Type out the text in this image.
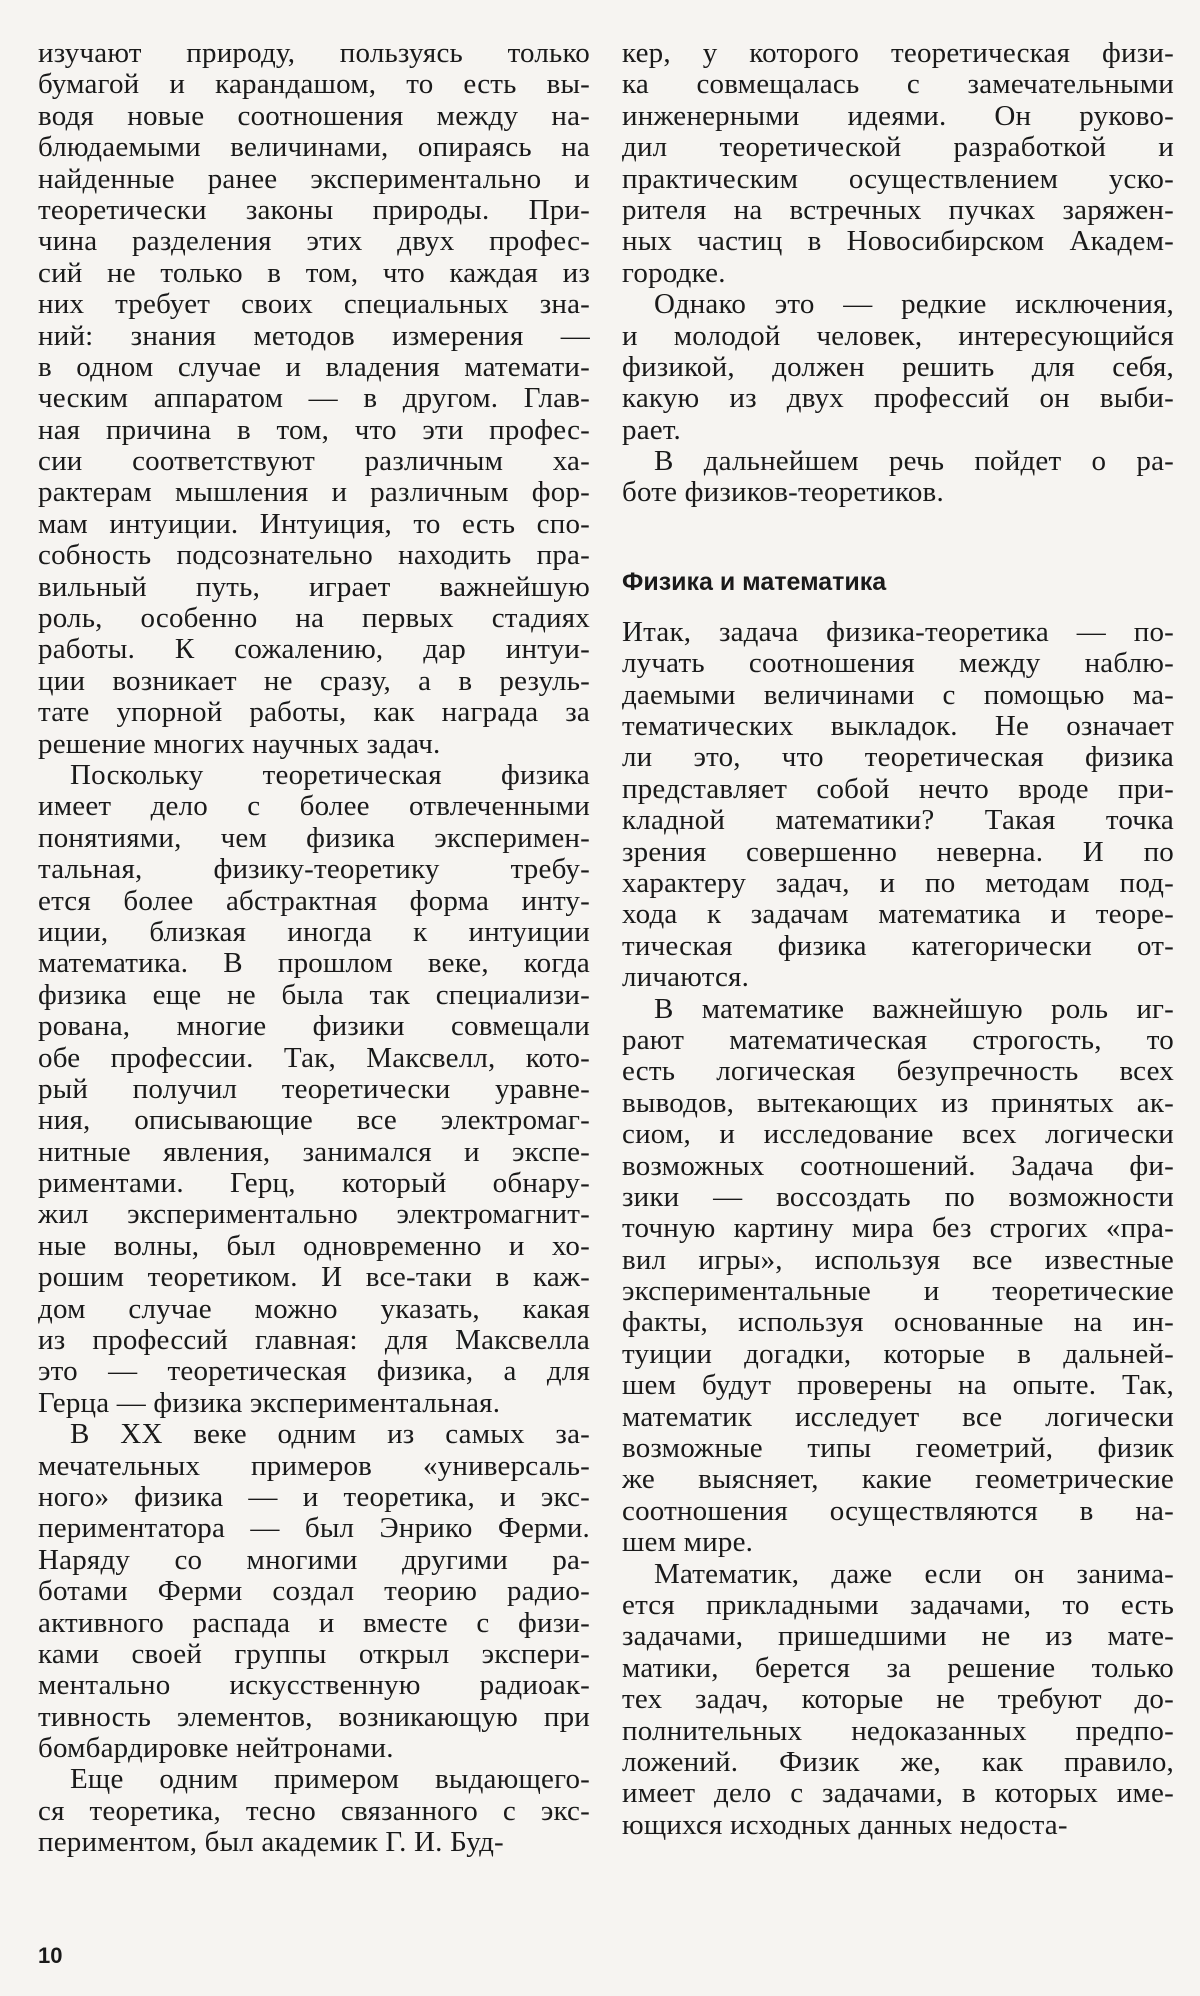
изучают природу, пользуясь только
бумагой и карандашом, то есть вы-
водя новые соотношения между на-
блюдаемыми величинами, опираясь на
найденные ранее экспериментально и
теоретически законы природы. При-
чина разделения этих двух профес-
сий не только в том, что каждая из
них требует своих специальных зна-
ний: знания методов измерения —
в одном случае и владения математи-
ческим аппаратом — в другом. Глав-
ная причина в том, что эти профес-
сии соответствуют различным ха-
рактерам мышления и различным фор-
мам интуиции. Интуиция, то есть спо-
собность подсознательно находить пра-
вильный путь, играет важнейшую
роль, особенно на первых стадиях
работы. К сожалению, дар интуи-
ции возникает не сразу, а в резуль-
тате упорной работы, как награда за
решение многих научных задач.
Поскольку теоретическая физика
имеет дело с более отвлеченными
понятиями, чем физика эксперимен-
тальная, физику-теоретику требу-
ется более абстрактная форма инту-
иции, близкая иногда к интуиции
математика. В прошлом веке, когда
физика еще не была так специализи-
рована, многие физики совмещали
обе профессии. Так, Максвелл, кото-
рый получил теоретически уравне-
ния, описывающие все электромаг-
нитные явления, занимался и экспе-
риментами. Герц, который обнару-
жил экспериментально электромагнит-
ные волны, был одновременно и хо-
рошим теоретиком. И все-таки в каж-
дом случае можно указать, какая
из профессий главная: для Максвелла
это — теоретическая физика, а для
Герца — физика экспериментальная.
В XX веке одним из самых за-
мечательных примеров «универсаль-
ного» физика — и теоретика, и экс-
периментатора — был Энрико Ферми.
Наряду со многими другими ра-
ботами Ферми создал теорию радио-
активного распада и вместе с физи-
ками своей группы открыл экспери-
ментально искусственную радиоак-
тивность элементов, возникающую при
бомбардировке нейтронами.
Еще одним примером выдающего-
ся теоретика, тесно связанного с экс-
периментом, был академик Г. И. Буд-
кер, у которого теоретическая физи-
ка совмещалась с замечательными
инженерными идеями. Он руково-
дил теоретической разработкой и
практическим осуществлением уско-
рителя на встречных пучках заряжен-
ных частиц в Новосибирском Академ-
городке.
Однако это — редкие исключения,
и молодой человек, интересующийся
физикой, должен решить для себя,
какую из двух профессий он выби-
рает.
В дальнейшем речь пойдет о ра-
боте физиков-теоретиков.
Физика и математика
Итак, задача физика-теоретика — по-
лучать соотношения между наблю-
даемыми величинами с помощью ма-
тематических выкладок. Не означает
ли это, что теоретическая физика
представляет собой нечто вроде при-
кладной математики? Такая точка
зрения совершенно неверна. И по
характеру задач, и по методам под-
хода к задачам математика и теоре-
тическая физика категорически от-
личаются.
В математике важнейшую роль иг-
рают математическая строгость, то
есть логическая безупречность всех
выводов, вытекающих из принятых ак-
сиом, и исследование всех логически
возможных соотношений. Задача фи-
зики — воссоздать по возможности
точную картину мира без строгих «пра-
вил игры», используя все известные
экспериментальные и теоретические
факты, используя основанные на ин-
туиции догадки, которые в дальней-
шем будут проверены на опыте. Так,
математик исследует все логически
возможные типы геометрий, физик
же выясняет, какие геометрические
соотношения осуществляются в на-
шем мире.
Математик, даже если он занима-
ется прикладными задачами, то есть
задачами, пришедшими не из мате-
матики, берется за решение только
тех задач, которые не требуют до-
полнительных недоказанных предпо-
ложений. Физик же, как правило,
имеет дело с задачами, в которых име-
ющихся исходных данных недоста-
10
